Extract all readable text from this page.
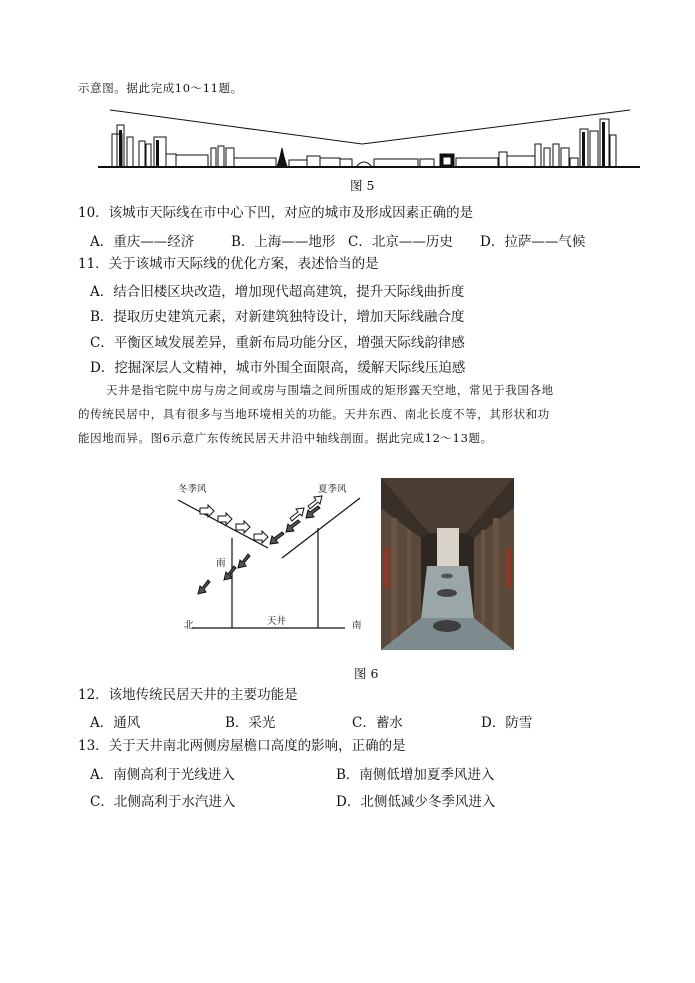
示意图。据此完成10～11题。
图 5
10．该城市天际线在市中心下凹，对应的城市及形成因素正确的是
A．重庆——经济	B．上海——地形 C．北京——历史 D．拉萨——气候
11．关于该城市天际线的优化方案，表述恰当的是
A．结合旧楼区块改造，增加现代超高建筑，提升天际线曲折度
B．提取历史建筑元素，对新建筑独特设计，增加天际线融合度
C．平衡区域发展差异，重新布局功能分区，增强天际线韵律感
D．挖掘深层人文精神，城市外围全面限高，缓解天际线压迫感
天井是指宅院中房与房之间或房与围墙之间所围成的矩形露天空地，常见于我国各地
的传统民居中，具有很多与当地环境相关的功能。天井东西、南北长度不等，其形状和功
能因地而异。图6示意广东传统民居天井沿中轴线剖面。据此完成12～13题。
冬季风	夏季风
雨
北	天井	南
图 6
12．该地传统民居天井的主要功能是
A．通风	B．采光	C．蓄水	D．防雪
13．关于天井南北两侧房屋檐口高度的影响，正确的是
A．南侧高利于光线进入	B．南侧低增加夏季风进入
C．北侧高利于水汽进入	D．北侧低减少冬季风进入
